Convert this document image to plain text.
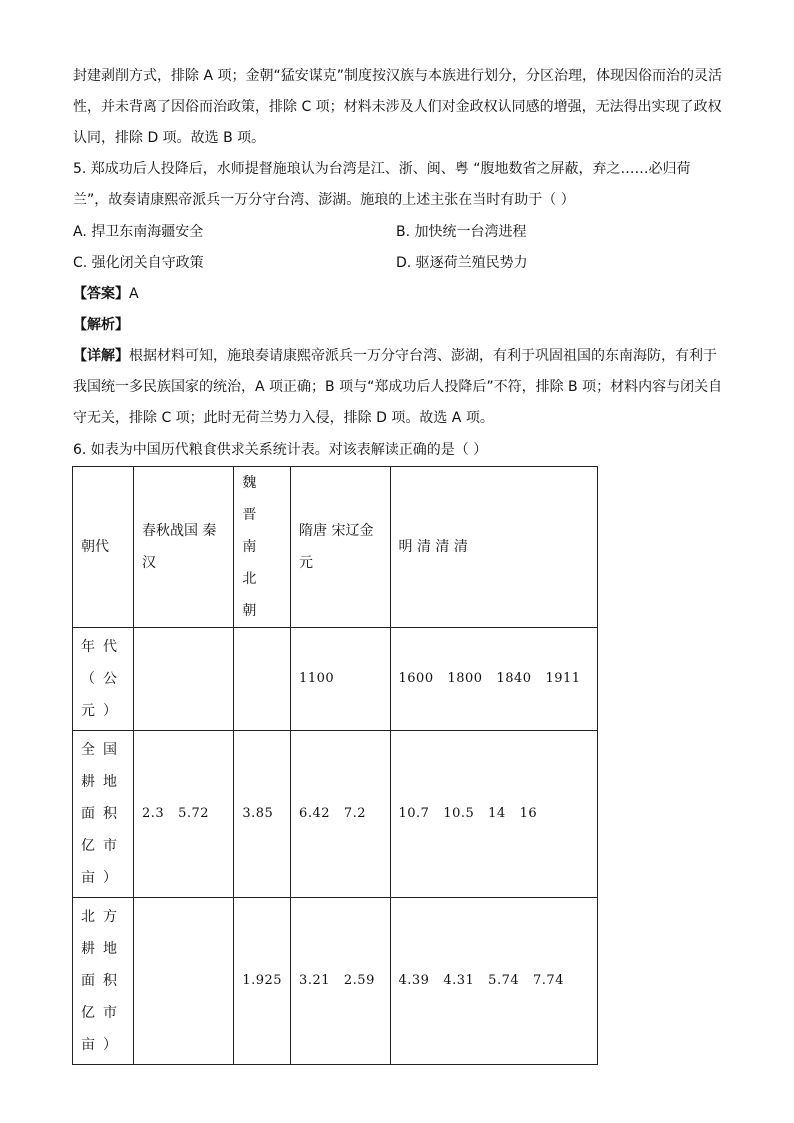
封建剥削方式，排除 A 项；金朝“猛安谋克”制度按汉族与本族进行划分，分区治理，体现因俗而治的灵活
性，并未背离了因俗而治政策，排除 C 项；材料未涉及人们对金政权认同感的增强，无法得出实现了政权
认同，排除 D 项。故选 B 项。
5. 郑成功后人投降后，水师提督施琅认为台湾是江、浙、闽、粤 “腹地数省之屏蔽，弃之……必归荷
兰”，故奏请康熙帝派兵一万分守台湾、澎湖。施琅的上述主张在当时有助于（ ）
A. 捍卫东南海疆安全	B. 加快统一台湾进程
C. 强化闭关自守政策	D. 驱逐荷兰殖民势力
【答案】A
【解析】
【详解】根据材料可知，施琅奏请康熙帝派兵一万分守台湾、澎湖，有利于巩固祖国的东南海防，有利于
我国统一多民族国家的统治，A 项正确；B 项与“郑成功后人投降后”不符，排除 B 项；材料内容与闭关自
守无关，排除 C 项；此时无荷兰势力入侵，排除 D 项。故选 A 项。
6. 如表为中国历代粮食供求关系统计表。对该表解读正确的是（ ）
朝代	春秋战国 秦汉	魏晋南北朝	隋唐 宋辽金元	明 清 清 清
年代（公元）			1100	1600   1800   1840   1911
全国耕地面积亿市亩）	2.3   5.72	3.85	6.42   7.2	10.7   10.5   14   16
北方耕地面积亿市亩）		1.925	3.21   2.59	4.39   4.31   5.74   7.74
